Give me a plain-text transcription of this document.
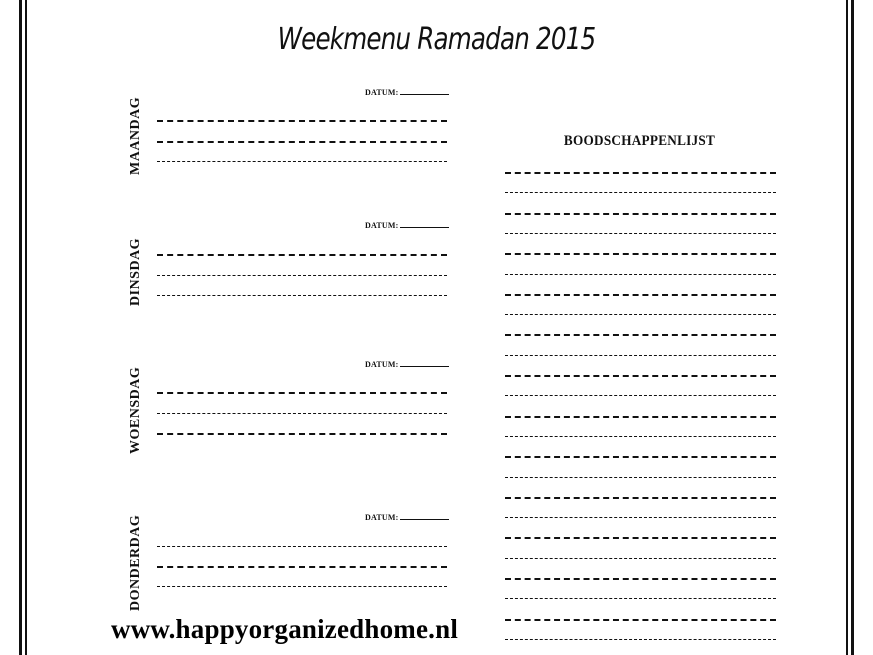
Weekmenu Ramadan 2015
DATUM:
MAANDAG
DATUM:
DINSDAG
DATUM:
WOENSDAG
DATUM:
DONDERDAG
BOODSCHAPPENLIJST
www.happyorganizedhome.nl
